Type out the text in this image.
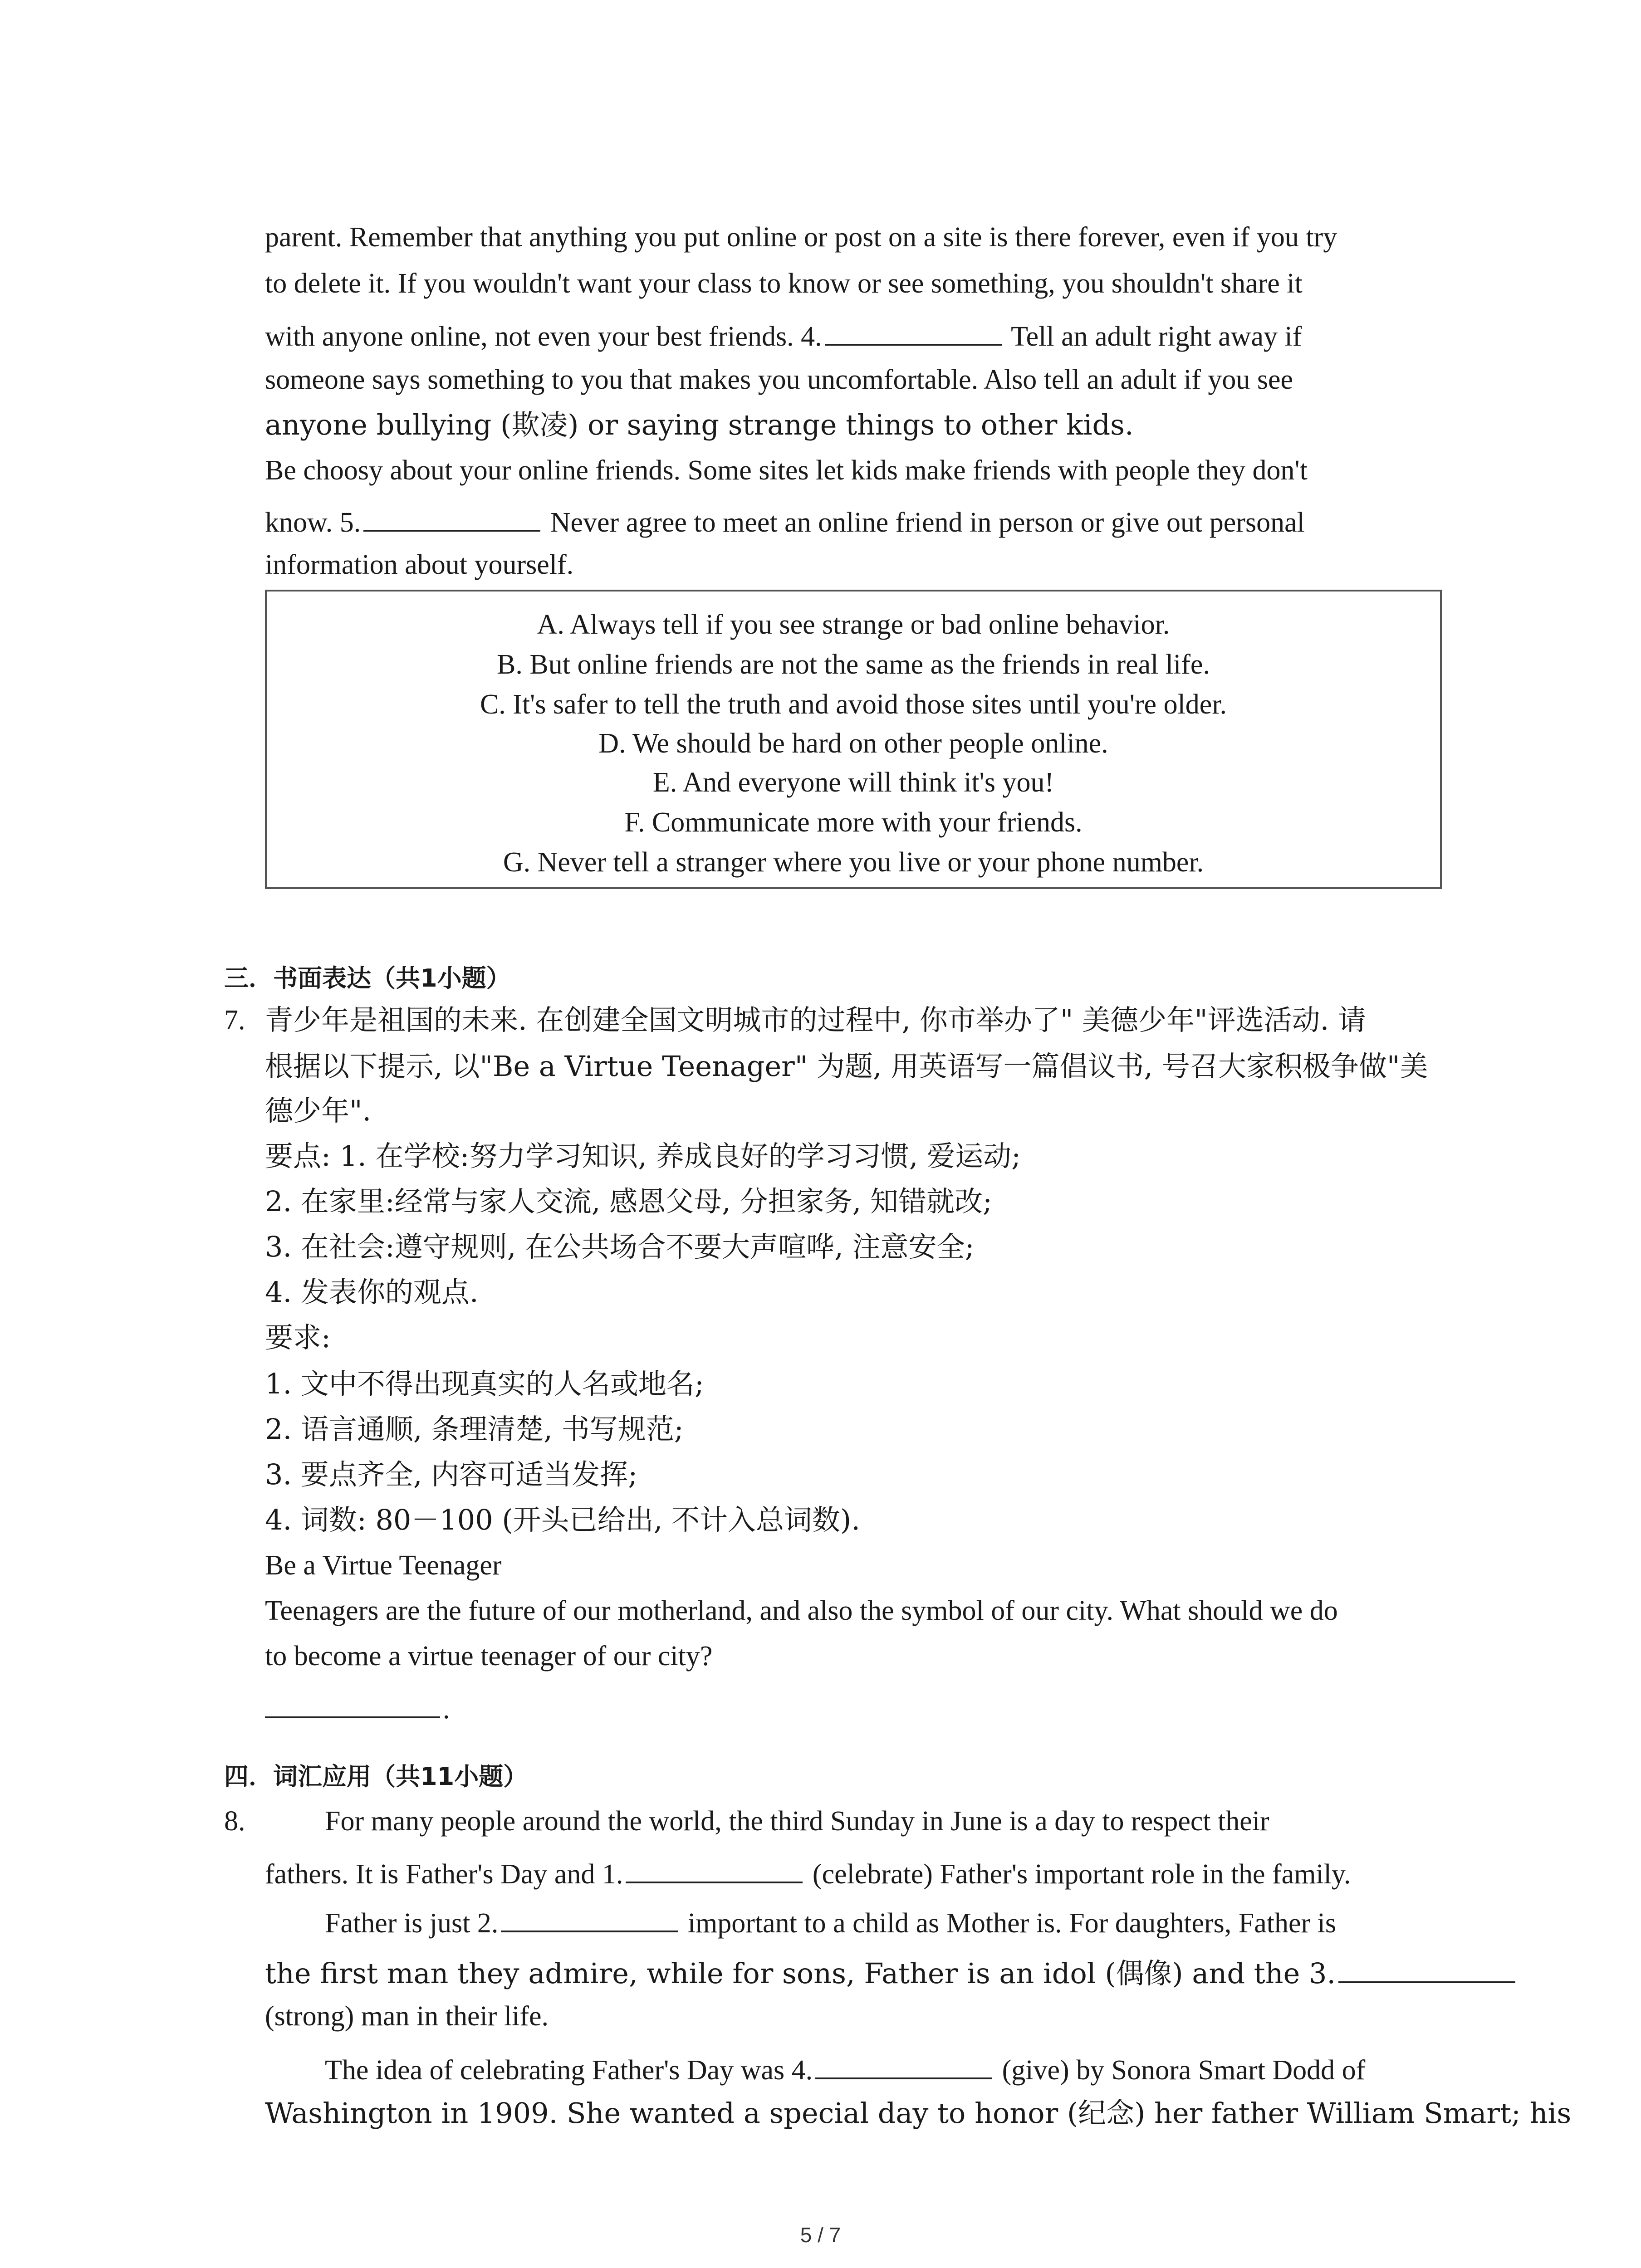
parent. Remember that anything you put online or post on a site is there forever, even if you try
to delete it. If you wouldn't want your class to know or see something, you shouldn't share it
with anyone online, not even your best friends. 4.	Tell an adult right away if
someone says something to you that makes you uncomfortable. Also tell an adult if you see
anyone bullying (欺凌) or saying strange things to other kids.
Be choosy about your online friends. Some sites let kids make friends with people they don't
know. 5.	Never agree to meet an online friend in person or give out personal
information about yourself.
A. Always tell if you see strange or bad online behavior.
B. But online friends are not the same as the friends in real life.
C. It's safer to tell the truth and avoid those sites until you're older.
D. We should be hard on other people online.
E. And everyone will think it's you!
F. Communicate more with your friends.
G. Never tell a stranger where you live or your phone number.
三．书面表达（共1小题）
7. 青少年是祖国的未来. 在创建全国文明城市的过程中, 你市举办了" 美德少年"评选活动. 请
根据以下提示, 以"Be a Virtue Teenager" 为题, 用英语写一篇倡议书, 号召大家积极争做"美
德少年".
要点: 1. 在学校:努力学习知识, 养成良好的学习习惯, 爱运动;
2. 在家里:经常与家人交流, 感恩父母, 分担家务, 知错就改;
3. 在社会:遵守规则, 在公共场合不要大声喧哗, 注意安全;
4. 发表你的观点.
要求:
1. 文中不得出现真实的人名或地名;
2. 语言通顺, 条理清楚, 书写规范;
3. 要点齐全, 内容可适当发挥;
4. 词数: 80－100 (开头已给出, 不计入总词数).
Be a Virtue Teenager
Teenagers are the future of our motherland, and also the symbol of our city. What should we do
to become a virtue teenager of our city?
.
四．词汇应用（共11小题）
8.	For many people around the world, the third Sunday in June is a day to respect their
fathers. It is Father's Day and 1.	(celebrate) Father's important role in the family.
Father is just 2.	important to a child as Mother is. For daughters, Father is
the first man they admire, while for sons, Father is an idol (偶像) and the 3.
(strong) man in their life.
The idea of celebrating Father's Day was 4.	(give) by Sonora Smart Dodd of
Washington in 1909. She wanted a special day to honor (纪念) her father William Smart; his
5 / 7
